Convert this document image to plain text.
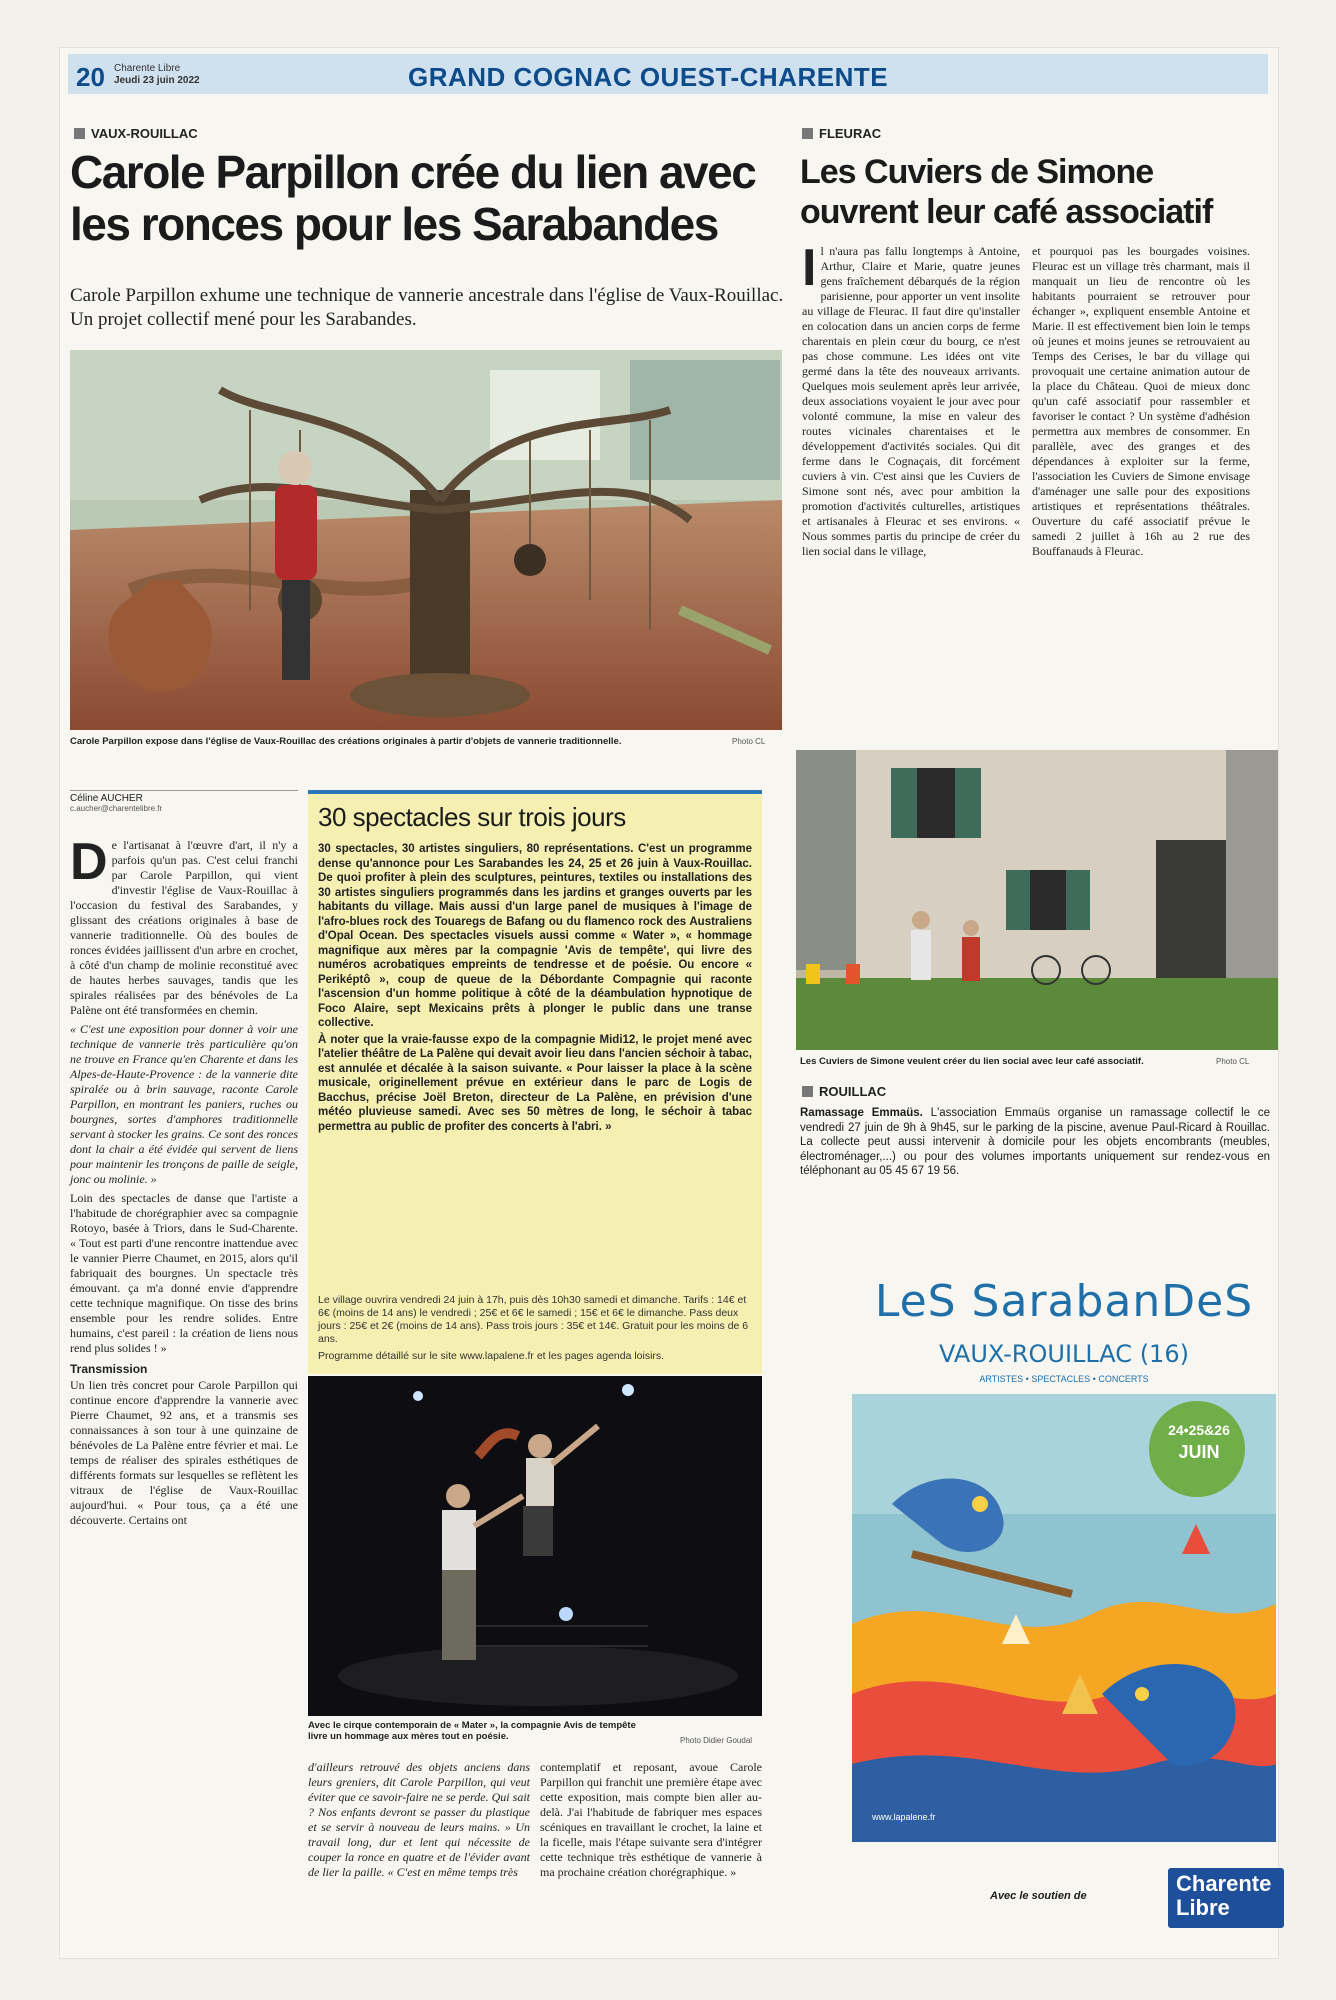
20 Charente Libre
Jeudi 23 juin 2022	GRAND COGNAC OUEST-CHARENTE
VAUX-ROUILLAC
Carole Parpillon crée du lien avec les ronces pour les Sarabandes
Carole Parpillon exhume une technique de vannerie ancestrale dans l'église de Vaux-Rouillac. Un projet collectif mené pour les Sarabandes.
Carole Parpillon expose dans l'église de Vaux-Rouillac des créations originales à partir d'objets de vannerie traditionnelle.	Photo CL
Céline AUCHER
c.aucher@charentelibre.fr
D e l'artisanat à l'œuvre d'art, il n'y a parfois qu'un pas. C'est celui franchi par Carole Parpillon, qui vient d'investir l'église de Vaux-Rouillac à l'occasion du festival des Sarabandes, y glissant des créations originales à base de vannerie traditionnelle. Où des boules de ronces évidées jaillissent d'un arbre en crochet, à côté d'un champ de molinie reconstitué avec de hautes herbes sauvages, tandis que les spirales réalisées par des bénévoles de La Palène ont été transformées en chemin.

« C'est une exposition pour donner à voir une technique de vannerie très particulière qu'on ne trouve en France qu'en Charente et dans les Alpes-de-Haute-Provence : de la vannerie dite spiralée ou à brin sauvage, raconte Carole Parpillon, en montrant les paniers, ruches ou bourgnes, sortes d'amphores traditionnelle servant à stocker les grains. Ce sont des ronces dont la chair a été évidée qui servent de liens pour maintenir les tronçons de paille de seigle, jonc ou molinie. »

Loin des spectacles de danse que l'artiste a l'habitude de chorégraphier avec sa compagnie Rotoyo, basée à Triors, dans le Sud-Charente. « Tout est parti d'une rencontre inattendue avec le vannier Pierre Chaumet, en 2015, alors qu'il fabriquait des bourgnes. Un spectacle très émouvant. ça m'a donné envie d'apprendre cette technique magnifique. On tisse des brins ensemble pour les rendre solides. Entre humains, c'est pareil : la création de liens nous rend plus solides ! »

Transmission

Un lien très concret pour Carole Parpillon qui continue encore d'apprendre la vannerie avec Pierre Chaumet, 92 ans, et a transmis ses connaissances à son tour à une quinzaine de bénévoles de La Palène entre février et mai. Le temps de réaliser des spirales esthétiques de différents formats sur lesquelles se reflètent les vitraux de l'église de Vaux-Rouillac aujourd'hui. « Pour tous, ça a été une découverte. Certains ont

d'ailleurs retrouvé des objets anciens dans leurs greniers, dit Carole Parpillon, qui veut éviter que ce savoir-faire ne se perde. Qui sait ? Nos enfants devront se passer du plastique et se servir à nouveau de leurs mains. » Un travail long, dur et lent qui nécessite de couper la ronce en quatre et de l'évider avant de lier la paille. « C'est en même temps très
contemplatif et reposant, avoue Carole Parpillon qui franchit une première étape avec cette exposition, mais compte bien aller au-delà. J'ai l'habitude de fabriquer mes espaces scéniques en travaillant le crochet, la laine et la ficelle, mais l'étape suivante sera d'intégrer cette technique très esthétique de vannerie à ma prochaine création chorégraphique. »
30 spectacles sur trois jours
30 spectacles, 30 artistes singuliers, 80 représentations. C'est un programme dense qu'annonce pour Les Sarabandes les 24, 25 et 26 juin à Vaux-Rouillac. De quoi profiter à plein des sculptures, peintures, textiles ou installations des 30 artistes singuliers programmés dans les jardins et granges ouverts par les habitants du village. Mais aussi d'un large panel de musiques à l'image de l'afro-blues rock des Touaregs de Bafang ou du flamenco rock des Australiens d'Opal Ocean. Des spectacles visuels aussi comme « Water », « hommage magnifique aux mères par la compagnie 'Avis de tempête', qui livre des numéros acrobatiques empreints de tendresse et de poésie. Ou encore « Periképtô », coup de queue de la Débordante Compagnie qui raconte l'ascension d'un homme politique à côté de la déambulation hypnotique de Foco Alaire, sept Mexicains prêts à plonger le public dans une transe collective.
À noter que la vraie-fausse expo de la compagnie Midi12, le projet mené avec l'atelier théâtre de La Palène qui devait avoir lieu dans l'ancien séchoir à tabac, est annulée et décalée à la saison suivante. « Pour laisser la place à la scène musicale, originellement prévue en extérieur dans le parc de Logis de Bacchus, précise Joël Breton, directeur de La Palène, en prévision d'une météo pluvieuse samedi. Avec ses 50 mètres de long, le séchoir à tabac permettra au public de profiter des concerts à l'abri. »
Le village ouvrira vendredi 24 juin à 17h, puis dès 10h30 samedi et dimanche. Tarifs : 14€ et 6€ (moins de 14 ans) le vendredi ; 25€ et 6€ le samedi ; 15€ et 6€ le dimanche. Pass deux jours : 25€ et 2€ (moins de 14 ans). Pass trois jours : 35€ et 14€. Gratuit pour les moins de 6 ans.
Programme détaillé sur le site www.lapalene.fr et les pages agenda loisirs.
Avec le cirque contemporain de « Mater », la compagnie Avis de tempête livre un hommage aux mères tout en poésie.	Photo Didier Goudal
FLEURAC
Les Cuviers de Simone ouvrent leur café associatif
I l n'aura pas fallu longtemps à Antoine, Arthur, Claire et Marie, quatre jeunes gens fraîchement débarqués de la région parisienne, pour apporter un vent insolite au village de Fleurac. Il faut dire qu'installer en colocation dans un ancien corps de ferme charentais en plein cœur du bourg, ce n'est pas chose commune. Les idées ont vite germé dans la tête des nouveaux arrivants. Quelques mois seulement après leur arrivée, deux associations voyaient le jour avec pour volonté commune, la mise en valeur des routes vicinales charentaises et le développement d'activités sociales. Qui dit ferme dans le Cognaçais, dit forcément cuviers à vin. C'est ainsi que les Cuviers de Simone sont nés, avec pour ambition la promotion d'activités culturelles, artistiques et artisanales à Fleurac et ses environs. « Nous sommes partis du principe de créer du lien social dans le village,
et pourquoi pas les bourgades voisines. Fleurac est un village très charmant, mais il manquait un lieu de rencontre où les habitants pourraient se retrouver pour échanger », expliquent ensemble Antoine et Marie. Il est effectivement bien loin le temps où jeunes et moins jeunes se retrouvaient au Temps des Cerises, le bar du village qui provoquait une certaine animation autour de la place du Château. Quoi de mieux donc qu'un café associatif pour rassembler et favoriser le contact ? Un système d'adhésion permettra aux membres de consommer. En parallèle, avec des granges et des dépendances à exploiter sur la ferme, l'association les Cuviers de Simone envisage d'aménager une salle pour des expositions artistiques et représentations théâtrales. Ouverture du café associatif prévue le samedi 2 juillet à 16h au 2 rue des Bouffanauds à Fleurac.
Les Cuviers de Simone veulent créer du lien social avec leur café associatif.	Photo CL
ROUILLAC
Ramassage Emmaüs. L'association Emmaüs organise un ramassage collectif le ce vendredi 27 juin de 9h à 9h45, sur le parking de la piscine, avenue Paul-Ricard à Rouillac. La collecte peut aussi intervenir à domicile pour les objets encombrants (meubles, électroménager,...) ou pour des volumes importants uniquement sur rendez-vous en téléphonant au 05 45 67 19 56.
LeS SarabanDeS
VAUX-ROUILLAC (16)
ARTISTES • SPECTACLES • CONCERTS
24•25&26
JUIN
www.lapalene.fr
Avec le soutien de	Charente
Libre
